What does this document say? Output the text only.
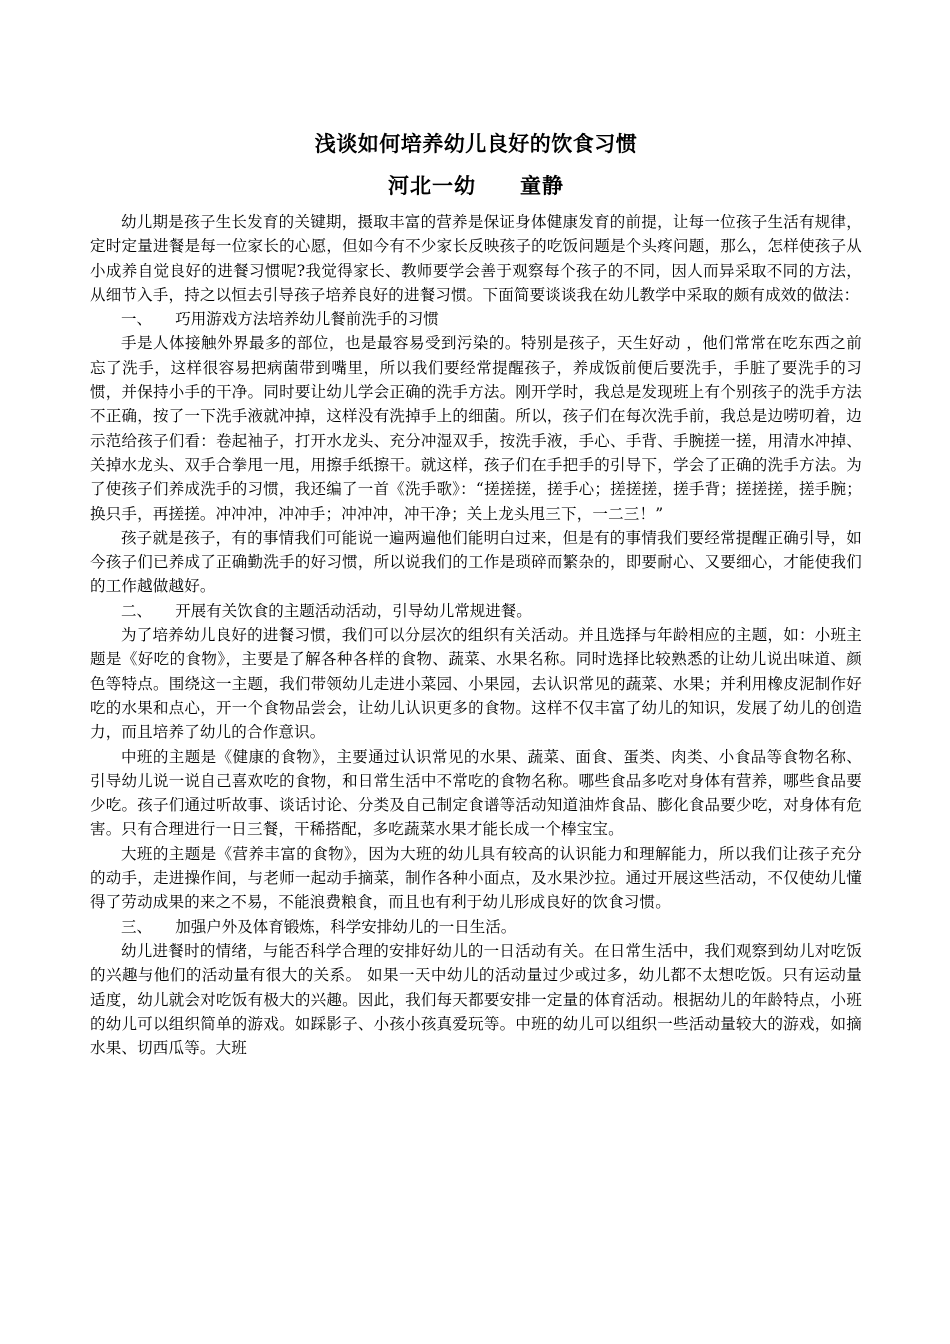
浅谈如何培养幼儿良好的饮食习惯
河北一幼　　童静

幼儿期是孩子生长发育的关键期，摄取丰富的营养是保证身体健康发育的前提，让每一位孩子生活有规律，定时定量进餐是每一位家长的心愿，但如今有不少家长反映孩子的吃饭问题是个头疼问题，那么，怎样使孩子从小成养自觉良好的进餐习惯呢?我觉得家长、教师要学会善于观察每个孩子的不同，因人而异采取不同的方法，从细节入手，持之以恒去引导孩子培养良好的进餐习惯。下面简要谈谈我在幼儿教学中采取的颇有成效的做法：

一、　　巧用游戏方法培养幼儿餐前洗手的习惯

手是人体接触外界最多的部位，也是最容易受到污染的。特别是孩子，天生好动 ，他们常常在吃东西之前忘了洗手，这样很容易把病菌带到嘴里，所以我们要经常提醒孩子，养成饭前便后要洗手，手脏了要洗手的习惯，并保持小手的干净。同时要让幼儿学会正确的洗手方法。刚开学时，我总是发现班上有个别孩子的洗手方法不正确，按了一下洗手液就冲掉，这样没有洗掉手上的细菌。所以，孩子们在每次洗手前，我总是边唠叨着，边示范给孩子们看：卷起袖子，打开水龙头、充分冲湿双手，按洗手液，手心、手背、手腕搓一搓，用清水冲掉、关掉水龙头、双手合拳甩一甩，用擦手纸擦干。就这样，孩子们在手把手的引导下，学会了正确的洗手方法。为了使孩子们养成洗手的习惯，我还编了一首《洗手歌》：“搓搓搓，搓手心；搓搓搓，搓手背；搓搓搓，搓手腕；换只手，再搓搓。冲冲冲，冲冲手；冲冲冲，冲干净；关上龙头甩三下，一二三！”

孩子就是孩子，有的事情我们可能说一遍两遍他们能明白过来，但是有的事情我们要经常提醒正确引导，如今孩子们已养成了正确勤洗手的好习惯，所以说我们的工作是琐碎而繁杂的，即要耐心、又要细心，才能使我们的工作越做越好。

二、　　开展有关饮食的主题活动活动，引导幼儿常规进餐。

为了培养幼儿良好的进餐习惯，我们可以分层次的组织有关活动。并且选择与年龄相应的主题，如：小班主题是《好吃的食物》，主要是了解各种各样的食物、蔬菜、水果名称。同时选择比较熟悉的让幼儿说出味道、颜色等特点。围绕这一主题，我们带领幼儿走进小菜园、小果园，去认识常见的蔬菜、水果；并利用橡皮泥制作好吃的水果和点心，开一个食物品尝会，让幼儿认识更多的食物。这样不仅丰富了幼儿的知识，发展了幼儿的创造力，而且培养了幼儿的合作意识。

中班的主题是《健康的食物》，主要通过认识常见的水果、蔬菜、面食、蛋类、肉类、小食品等食物名称、引导幼儿说一说自己喜欢吃的食物，和日常生活中不常吃的食物名称。哪些食品多吃对身体有营养，哪些食品要少吃。孩子们通过听故事、谈话讨论、分类及自己制定食谱等活动知道油炸食品、膨化食品要少吃，对身体有危害。只有合理进行一日三餐，干稀搭配，多吃蔬菜水果才能长成一个棒宝宝。

大班的主题是《营养丰富的食物》，因为大班的幼儿具有较高的认识能力和理解能力，所以我们让孩子充分的动手，走进操作间，与老师一起动手摘菜，制作各种小面点，及水果沙拉。通过开展这些活动，不仅使幼儿懂得了劳动成果的来之不易，不能浪费粮食，而且也有利于幼儿形成良好的饮食习惯。

三、　　加强户外及体育锻炼，科学安排幼儿的一日生活。

幼儿进餐时的情绪，与能否科学合理的安排好幼儿的一日活动有关。在日常生活中，我们观察到幼儿对吃饭的兴趣与他们的活动量有很大的关系。 如果一天中幼儿的活动量过少或过多，幼儿都不太想吃饭。只有运动量适度，幼儿就会对吃饭有极大的兴趣。因此，我们每天都要安排一定量的体育活动。根据幼儿的年龄特点，小班的幼儿可以组织简单的游戏。如踩影子、小孩小孩真爱玩等。中班的幼儿可以组织一些活动量较大的游戏，如摘水果、切西瓜等。大班
